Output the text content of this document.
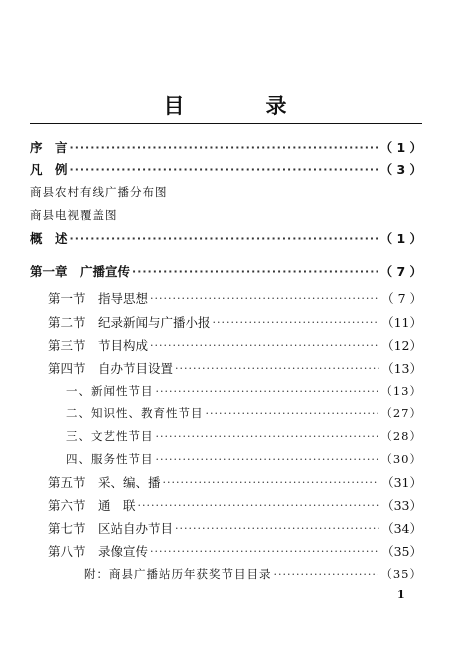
目　录
序　言 ·····	（ 1 ）
凡　例 ·····	（ 3 ）
商县农村有线广播分布图
商县电视覆盖图
概　述 ·····	（ 1 ）
第一章　广播宣传 ·····	（ 7 ）
第一节　指导思想 ·····	（ 7 ）
第二节　纪录新闻与广播小报 ·····	（11）
第三节　节目构成 ·····	（12）
第四节　自办节目设置 ·····	（13）
一、新闻性节目 ·····	（13）
二、知识性、教育性节目 ·····	（27）
三、文艺性节目 ·····	（28）
四、服务性节目 ·····	（30）
第五节　采、编、播 ·····	（31）
第六节　通　联 ·····	（33）
第七节　区站自办节目 ·····	（34）
第八节　录像宣传 ·····	（35）
附：商县广播站历年获奖节目目录 ·····	（35）
1
